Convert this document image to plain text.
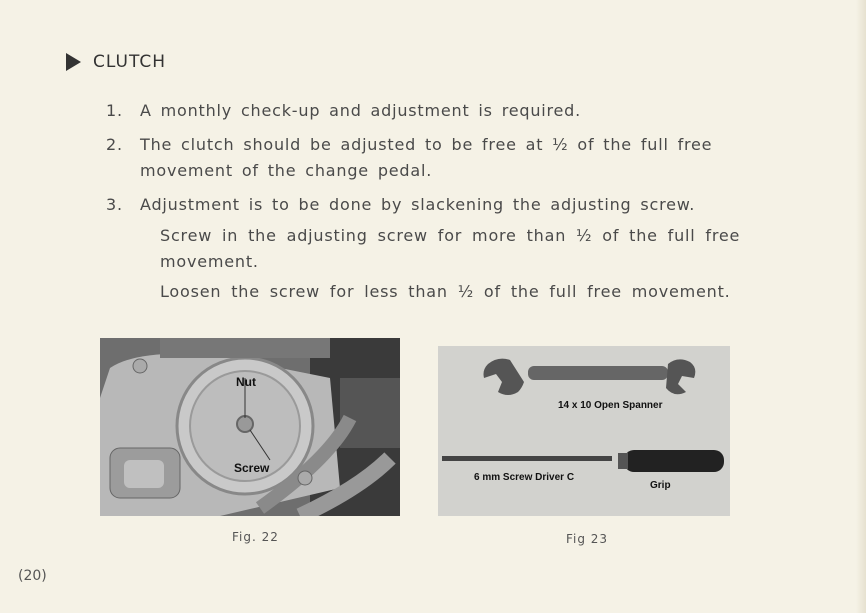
CLUTCH
1. A monthly check-up and adjustment is required.
2. The clutch should be adjusted to be free at ½ of the full free
movement of the change pedal.
3. Adjustment is to be done by slackening the adjusting screw.
Screw in the adjusting screw for more than ½ of the full free
movement.
Loosen the screw for less than ½ of the full free movement.
Nut
Screw
Fig. 22
14 x 10 Open Spanner
6 mm Screw Driver C
Grip
Fig 23
(20)
